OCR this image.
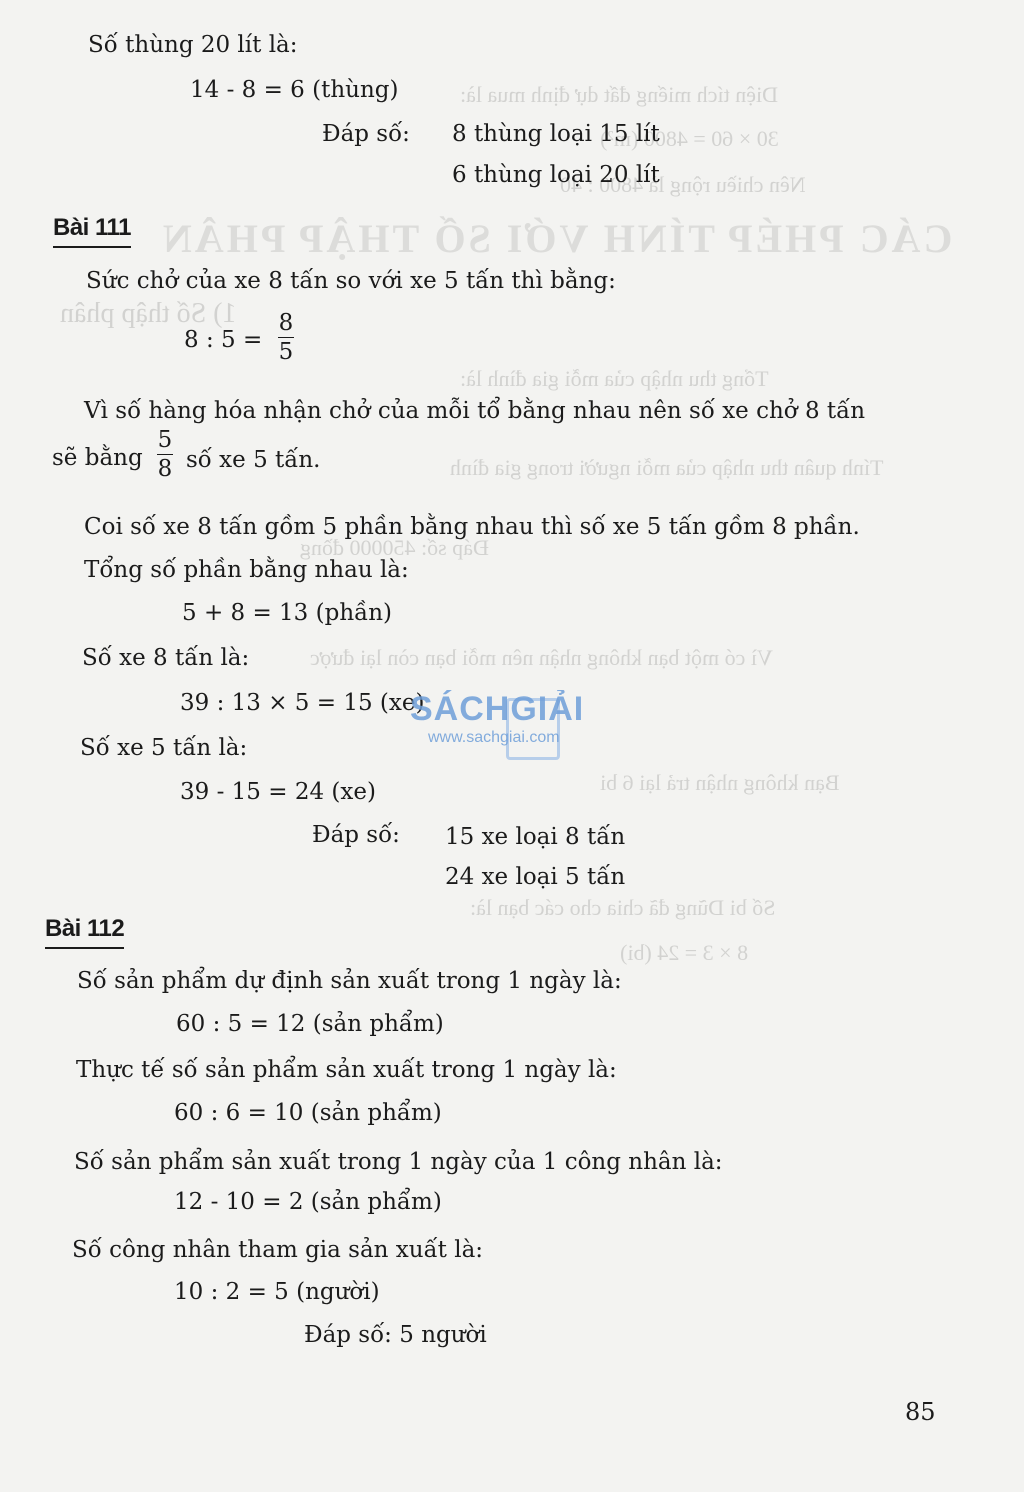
Diện tích miếng đất dự định mua là:
30 × 60 = 4800 (m²)
Nên chiều rộng là 4800 : 40
CÁC PHÉP TÍNH VỚI SỐ THẬP PHÂN
1) Số thập phân
Tổng thu nhập của mỗi gia đình là:
Tính quân thu nhập của mỗi người trong gia đình
Đáp số: 450000 đồng
Vì có một bạn không nhận nên mỗi bạn còn lại được
Bạn không nhận trả lại 6 bi
Số bi Dũng đã chia cho các bạn là:
8 × 3 = 24 (bi)
Số thùng 20 lít là:
14 - 8 = 6 (thùng)
Đáp số: 8 thùng loại 15 lít
6 thùng loại 20 lít
Bài 111
Sức chở của xe 8 tấn so với xe 5 tấn thì bằng:
8 : 5 =
8
5
Vì số hàng hóa nhận chở của mỗi tổ bằng nhau nên số xe chở 8 tấn
sẽ bằng
5
8 số xe 5 tấn.
Coi số xe 8 tấn gồm 5 phần bằng nhau thì số xe 5 tấn gồm 8 phần.
Tổng số phần bằng nhau là:
5 + 8 = 13 (phần)
Số xe 8 tấn là:
39 : 13 × 5 = 15 (xe)
Số xe 5 tấn là:
39 - 15 = 24 (xe)
Đáp số: 15 xe loại 8 tấn
24 xe loại 5 tấn
SÁCHGIẢI
www.sachgiai.com
Bài 112
Số sản phẩm dự định sản xuất trong 1 ngày là:
60 : 5 = 12 (sản phẩm)
Thực tế số sản phẩm sản xuất trong 1 ngày là:
60 : 6 = 10 (sản phẩm)
Số sản phẩm sản xuất trong 1 ngày của 1 công nhân là:
12 - 10 = 2 (sản phẩm)
Số công nhân tham gia sản xuất là:
10 : 2 = 5 (người)
Đáp số: 5 người
85
